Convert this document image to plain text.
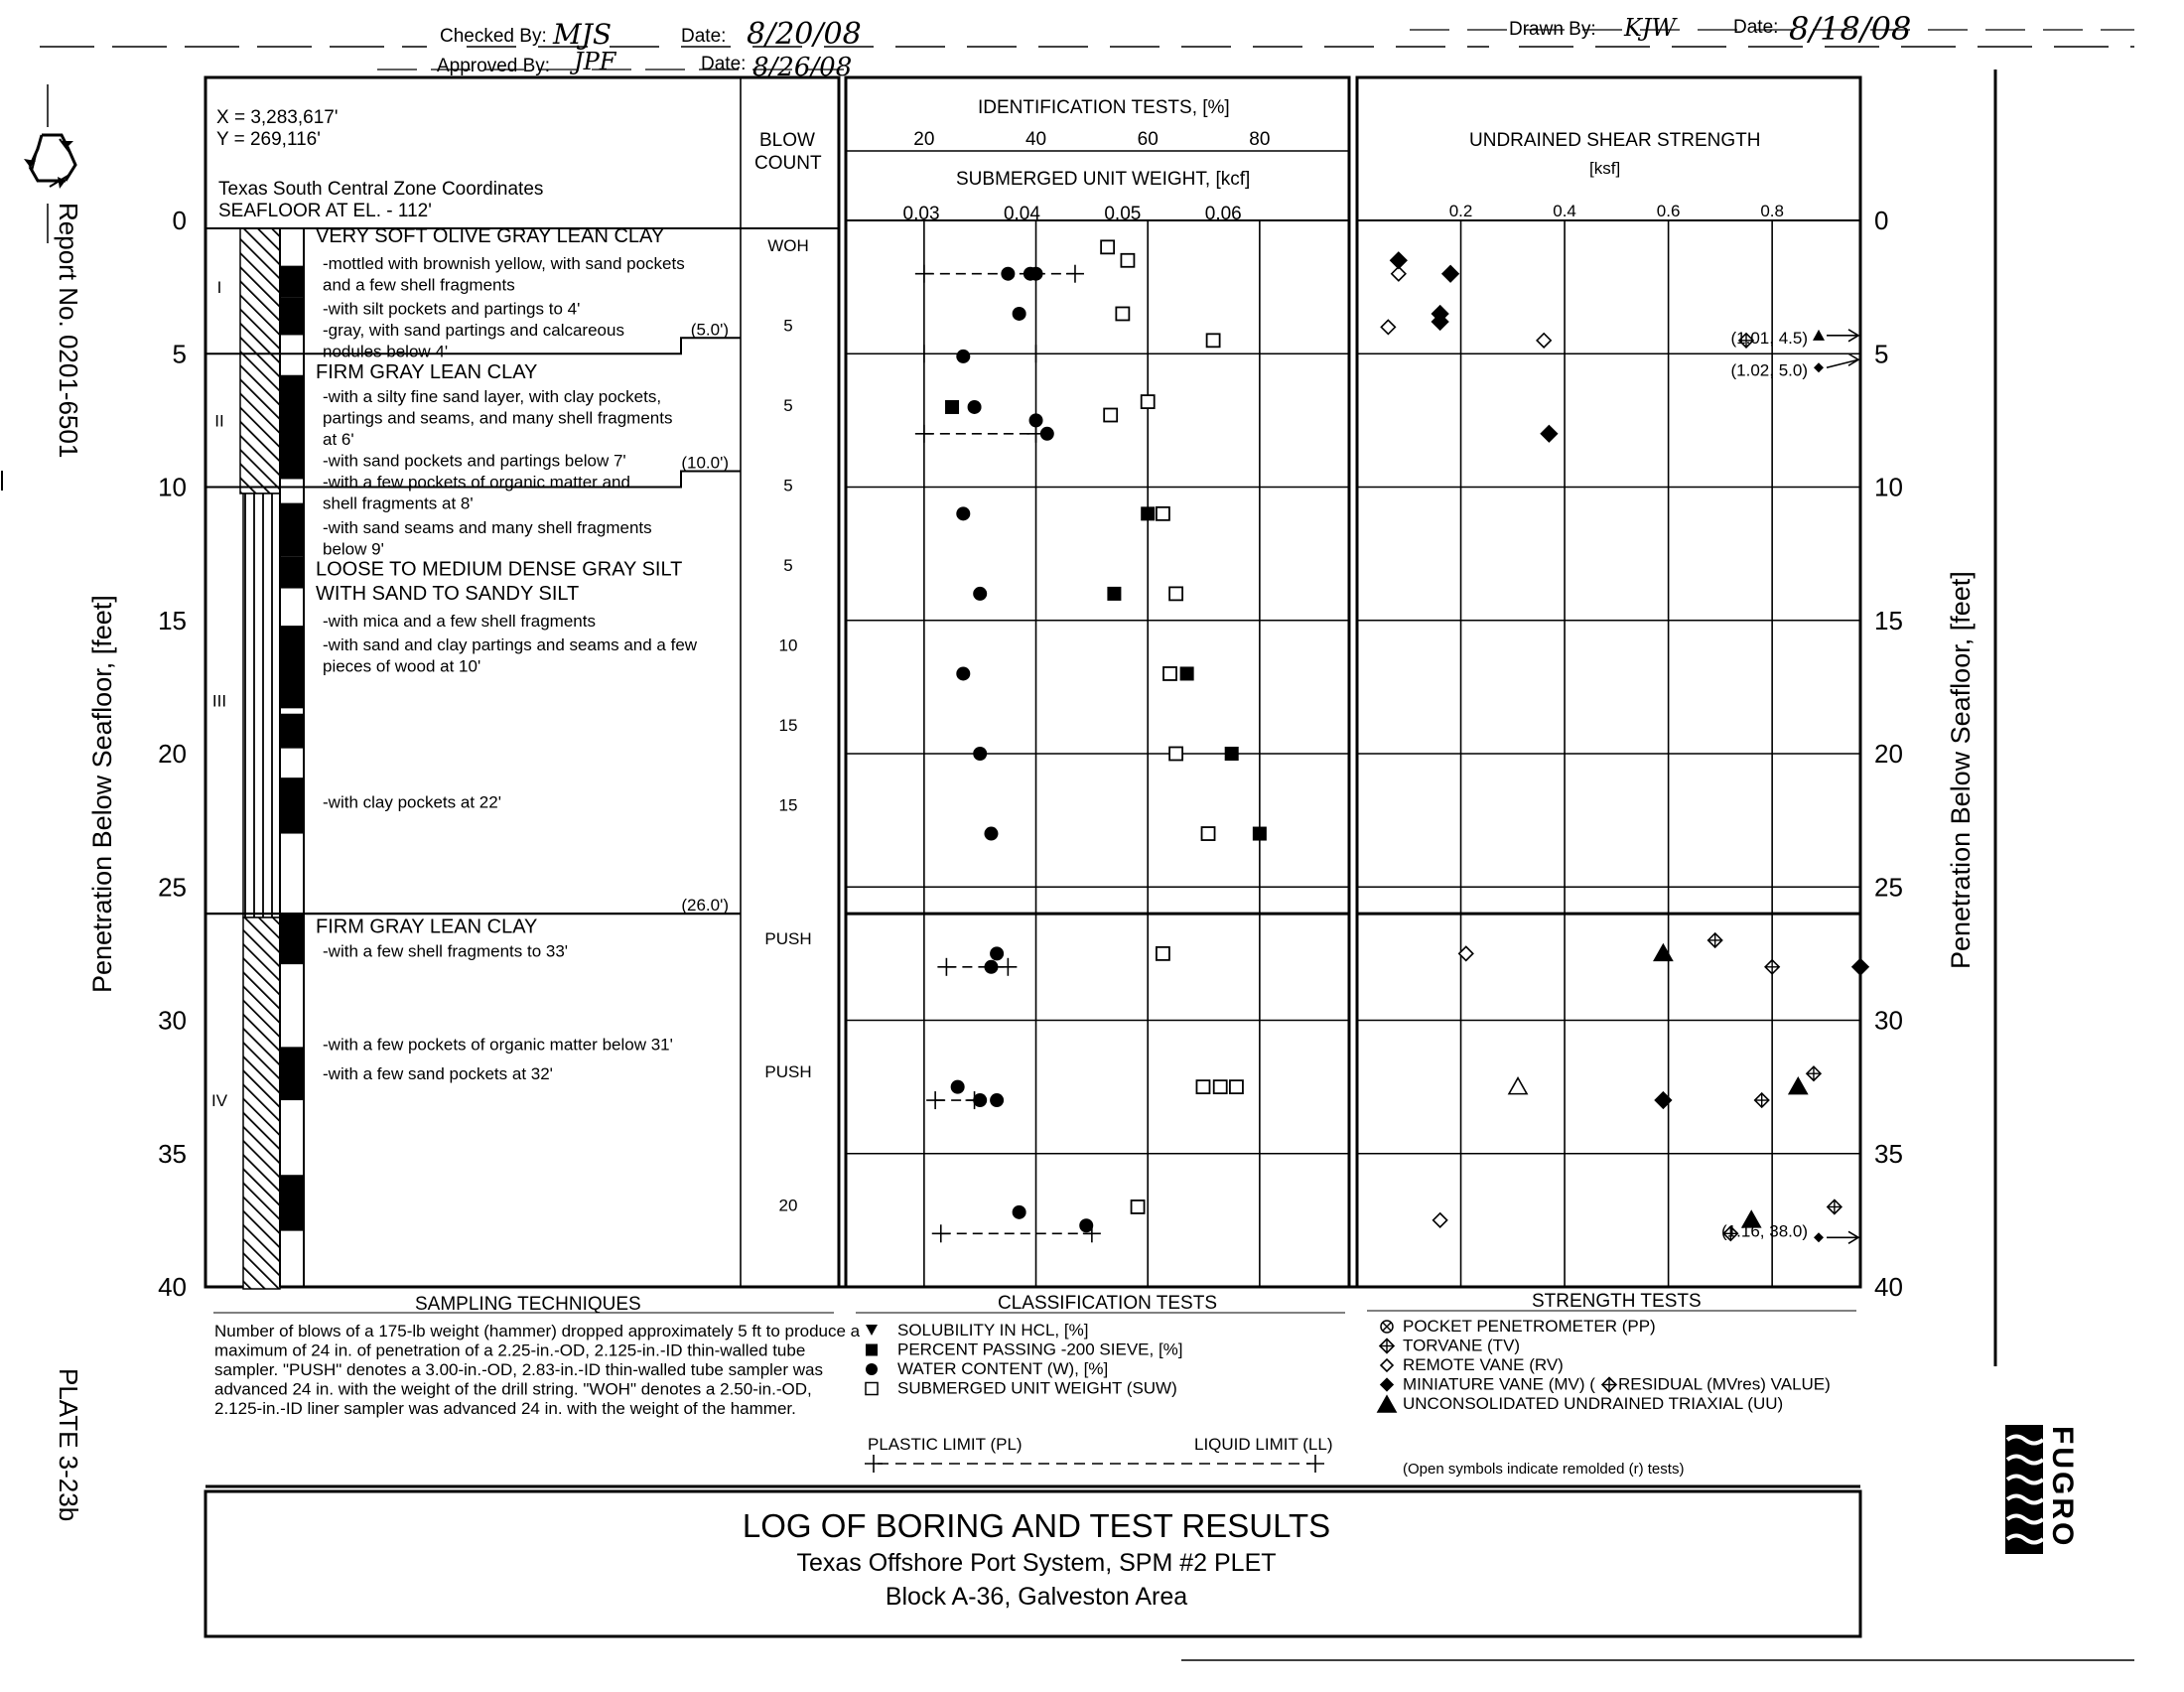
Checked By: MJS	Date: 8/20/08
Approved By: JPF	Date: 8/26/08
Drawn By: KJW	Date: 8/18/08
Report No. 0201-6501
PLATE 3-23b
X = 3,283,617'
Y = 269,116'
Texas South Central Zone Coordinates
SEAFLOOR AT EL. - 112'
BLOW
COUNT
0
5
10
15
20
25
30
35
40
Penetration Below Seafloor, [feet]
(5.0')
(10.0')
(26.0')
I
II
III
IV
VERY SOFT OLIVE GRAY LEAN CLAY
-mottled with brownish yellow, with sand pockets
and a few shell fragments
-with silt pockets and partings to 4'
-gray, with sand partings and calcareous
nodules below 4'
FIRM GRAY LEAN CLAY
-with a silty fine sand layer, with clay pockets,
partings and seams, and many shell fragments
at 6'
-with sand pockets and partings below 7'
-with a few pockets of organic matter and
shell fragments at 8'
-with sand seams and many shell fragments
below 9'
LOOSE TO MEDIUM DENSE GRAY SILT
WITH SAND TO SANDY SILT
-with mica and a few shell fragments
-with sand and clay partings and seams and a few
pieces of wood at 10'
-with clay pockets at 22'
FIRM GRAY LEAN CLAY
-with a few shell fragments to 33'
-with a few pockets of organic matter below 31'
-with a few sand pockets at 32'
WOH
5
5
5
5
10
15
15
PUSH
PUSH
20
IDENTIFICATION TESTS, [%]
SUBMERGED UNIT WEIGHT, [kcf]
20	40	60	80
0.03	0.04	0.05	0.06
UNDRAINED SHEAR STRENGTH
[ksf]
0.2	0.4	0.6	0.8
(1.01, 4.5)
(1.02, 5.0)
(1.16, 38.0)
0
5
10
15
20
25
30
35
40
Penetration Below Seafloor, [feet]
SAMPLING TECHNIQUES
Number of blows of a 175-lb weight (hammer) dropped approximately 5 ft to produce a
maximum of 24 in. of penetration of a 2.25-in.-OD, 2.125-in.-ID thin-walled tube
sampler. "PUSH" denotes a 3.00-in.-OD, 2.83-in.-ID thin-walled tube sampler was
advanced 24 in. with the weight of the drill string. "WOH" denotes a 2.50-in.-OD,
2.125-in.-ID liner sampler was advanced 24 in. with the weight of the hammer.
CLASSIFICATION TESTS
SOLUBILITY IN HCL, [%]
PERCENT PASSING -200 SIEVE, [%]
WATER CONTENT (W), [%]
SUBMERGED UNIT WEIGHT (SUW)
PLASTIC LIMIT (PL)	LIQUID LIMIT (LL)
STRENGTH TESTS
POCKET PENETROMETER (PP)
TORVANE (TV)
REMOTE VANE (RV)
MINIATURE VANE (MV) ( RESIDUAL (MVres) VALUE)
UNCONSOLIDATED UNDRAINED TRIAXIAL (UU)
(Open symbols indicate remolded (r) tests)
LOG OF BORING AND TEST RESULTS
Texas Offshore Port System, SPM #2 PLET
Block A-36, Galveston Area
FUGRO
